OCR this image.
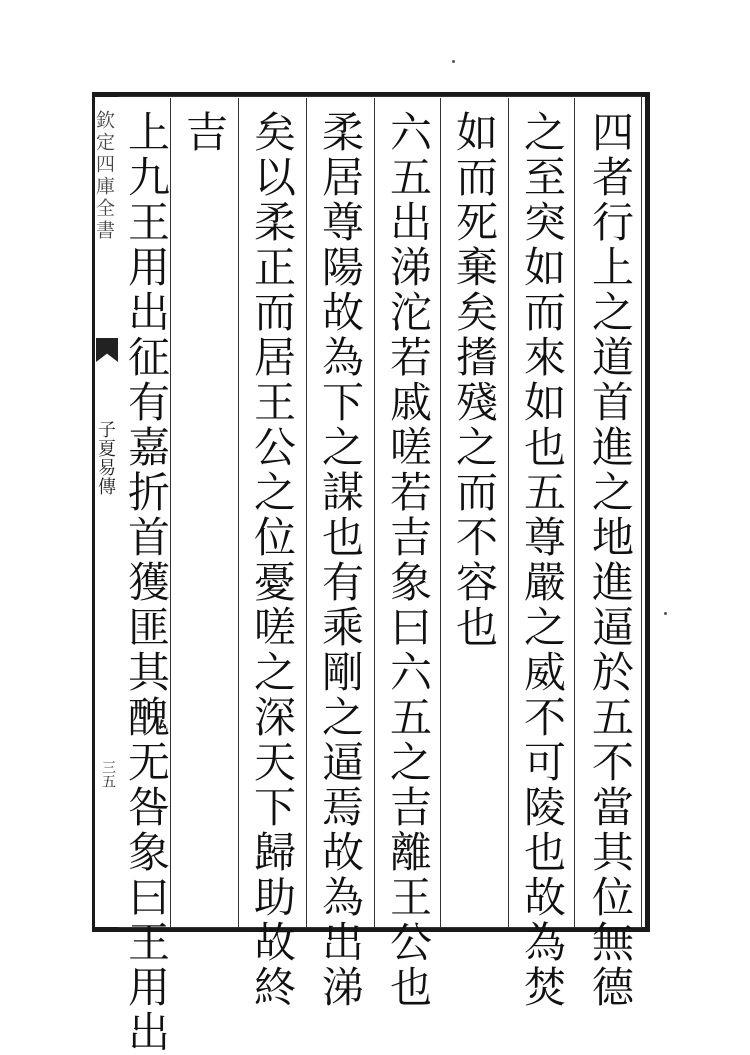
欽定四庫全書
子夏易傳
三五	四者行上之道首進之地進逼於五不當其位無德
之至突如而來如也五尊嚴之威不可陵也故為焚
如而死棄矣搘殘之而不容也
六五出涕沱若戚嗟若吉象曰六五之吉離王公也
柔居尊陽故為下之謀也有乘剛之逼焉故為出涕
矣以柔正而居王公之位憂嗟之深天下歸助故終
吉
上九王用出征有嘉折首獲匪其醜无咎象曰王用出
